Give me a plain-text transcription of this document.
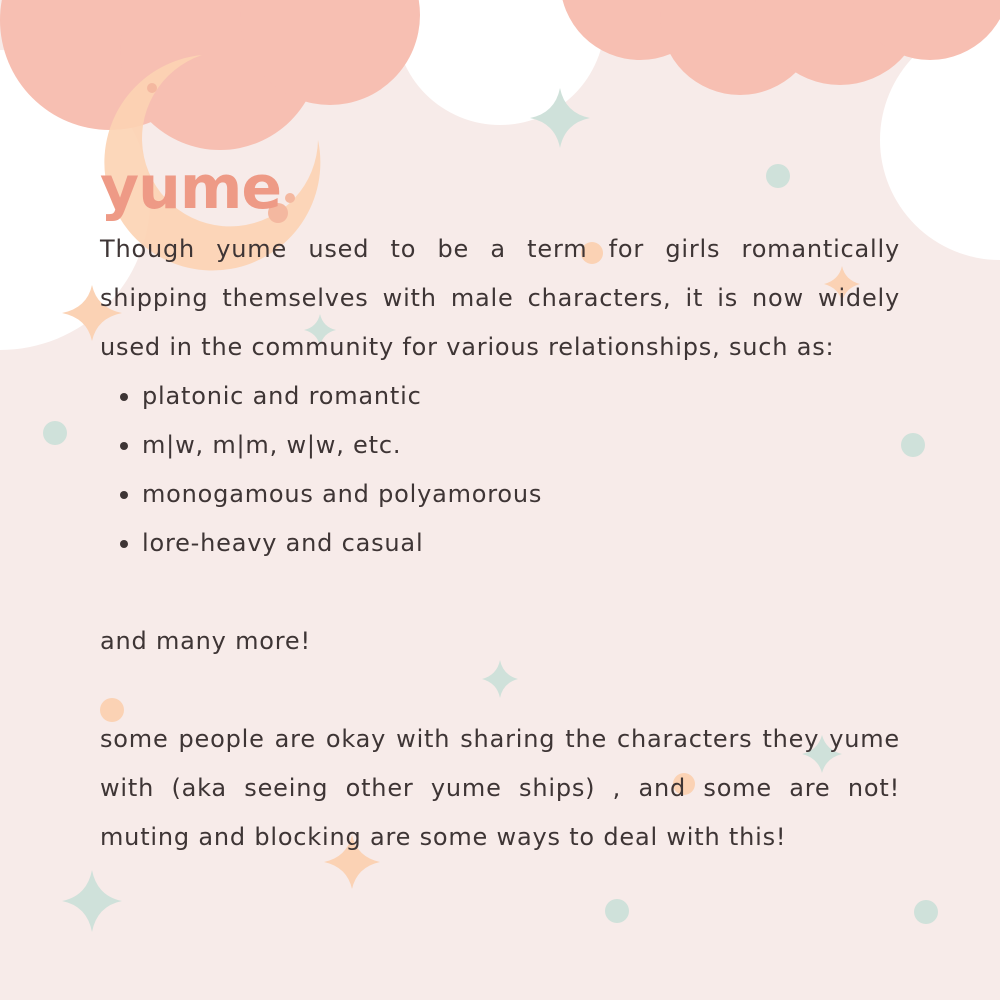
yume

Though yume used to be a term for girls romantically shipping themselves with male characters, it is now widely used in the community for various relationships, such as:

platonic and romantic
m|w, m|m, w|w, etc.
monogamous and polyamorous
lore-heavy and casual

and many more!

some people are okay with sharing the characters they yume with (aka seeing other yume ships) , and some are not! muting and blocking are some ways to deal with this!
